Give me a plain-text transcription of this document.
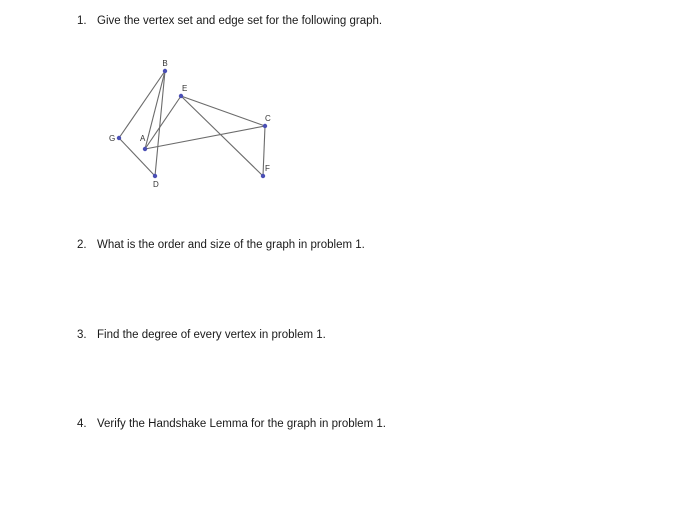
1. Give the vertex set and edge set for the following graph.
B
E
C
G	A
D
F
2. What is the order and size of the graph in problem 1.
3. Find the degree of every vertex in problem 1.
4. Verify the Handshake Lemma for the graph in problem 1.
